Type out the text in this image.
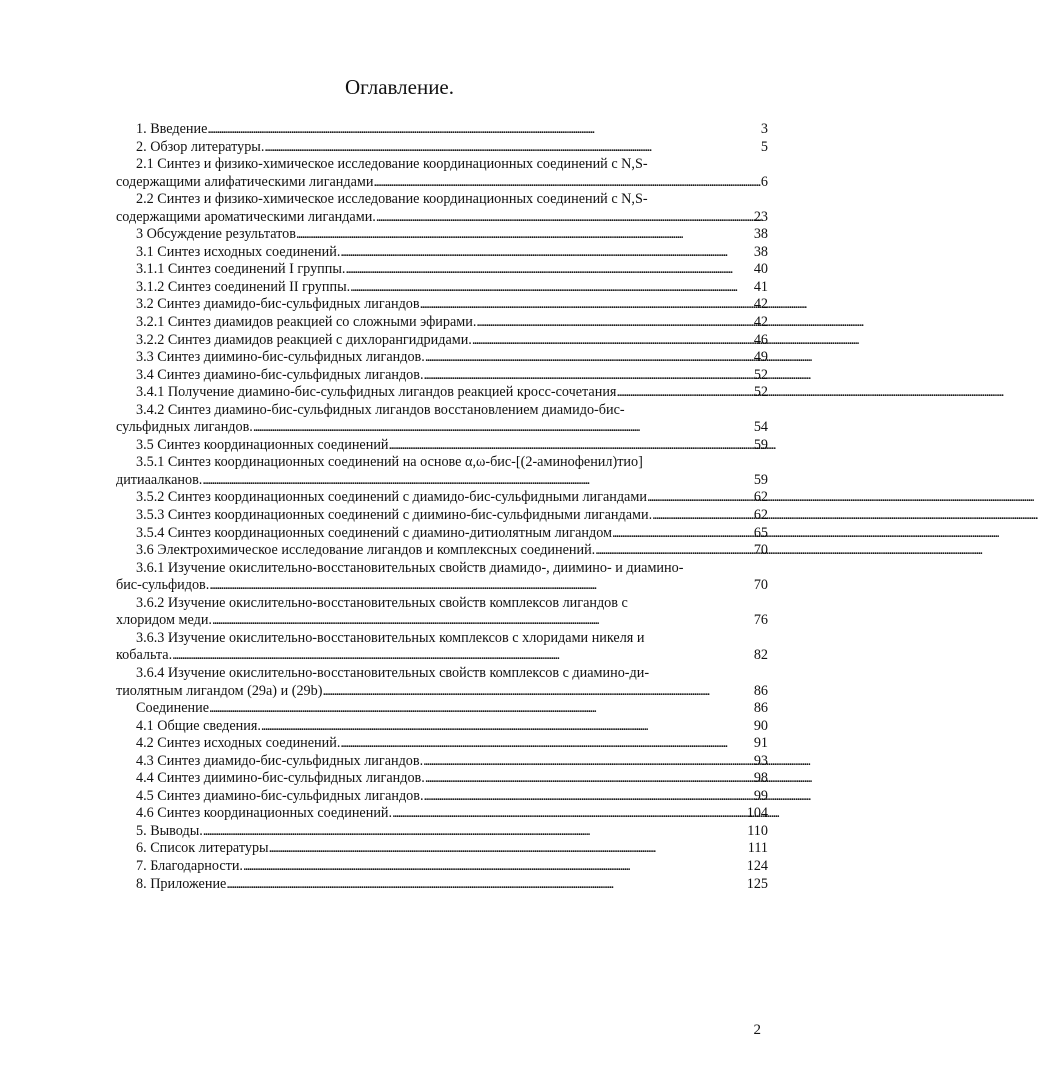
Оглавление.
1. Введение . . .	3
2. Обзор литературы. . . .	5
2.1 Синтез и физико-химическое исследование координационных соединений с N,S-
содержащими алифатическими лигандами . . .	6
2.2 Синтез и физико-химическое исследование координационных соединений с N,S-
содержащими ароматическими лигандами. . . .	23
3 Обсуждение результатов . . .	38
3.1 Синтез исходных соединений. . . .	38
3.1.1 Синтез соединений I группы. . . .	40
3.1.2 Синтез соединений II группы. . . .	41
3.2 Синтез диамидо-бис-сульфидных лигандов . . .	42
3.2.1 Синтез диамидов реакцией со сложными эфирами. . . .	42
3.2.2 Синтез диамидов реакцией с дихлорангидридами. . . .	46
3.3 Синтез диимино-бис-сульфидных лигандов. . . .	49
3.4 Синтез диамино-бис-сульфидных лигандов. . . .	52
3.4.1 Получение диамино-бис-сульфидных лигандов реакцией кросс-сочетания . . .	52
3.4.2 Синтез диамино-бис-сульфидных лигандов восстановлением диамидо-бис-
сульфидных лигандов. . . .	54
3.5 Синтез координационных соединений . . .	59
3.5.1 Синтез координационных соединений на основе α,ω-бис-[(2-аминофенил)тио]
дитиаалканов. . . .	59
3.5.2 Синтез координационных соединений с диамидо-бис-сульфидными лигандами . . .	62
3.5.3 Синтез координационных соединений с диимино-бис-сульфидными лигандами. . . .	62
3.5.4 Синтез координационных соединений с диамино-дитиолятным лигандом . . .	65
3.6 Электрохимическое исследование лигандов и комплексных соединений. . . .	70
3.6.1 Изучение окислительно-восстановительных свойств диамидо-, диимино- и диамино-
бис-сульфидов. . . .	70
3.6.2 Изучение окислительно-восстановительных свойств комплексов лигандов с
хлоридом меди. . . .	76
3.6.3 Изучение окислительно-восстановительных комплексов с хлоридами никеля и
кобальта. . . .	82
3.6.4 Изучение окислительно-восстановительных свойств комплексов с диамино-ди-
тиолятным лигандом (29а) и (29b) . . .	86
Соединение . . .	86
4.1 Общие сведения. . . .	90
4.2 Синтез исходных соединений. . . .	91
4.3 Синтез диамидо-бис-сульфидных лигандов. . . .	93
4.4 Синтез диимино-бис-сульфидных лигандов. . . .	98
4.5 Синтез диамино-бис-сульфидных лигандов. . . .	99
4.6 Синтез координационных соединений. . . .	104
5. Выводы. . . .	110
6. Список литературы . . .	111
7. Благодарности. . . .	124
8. Приложение . . .	125
2
